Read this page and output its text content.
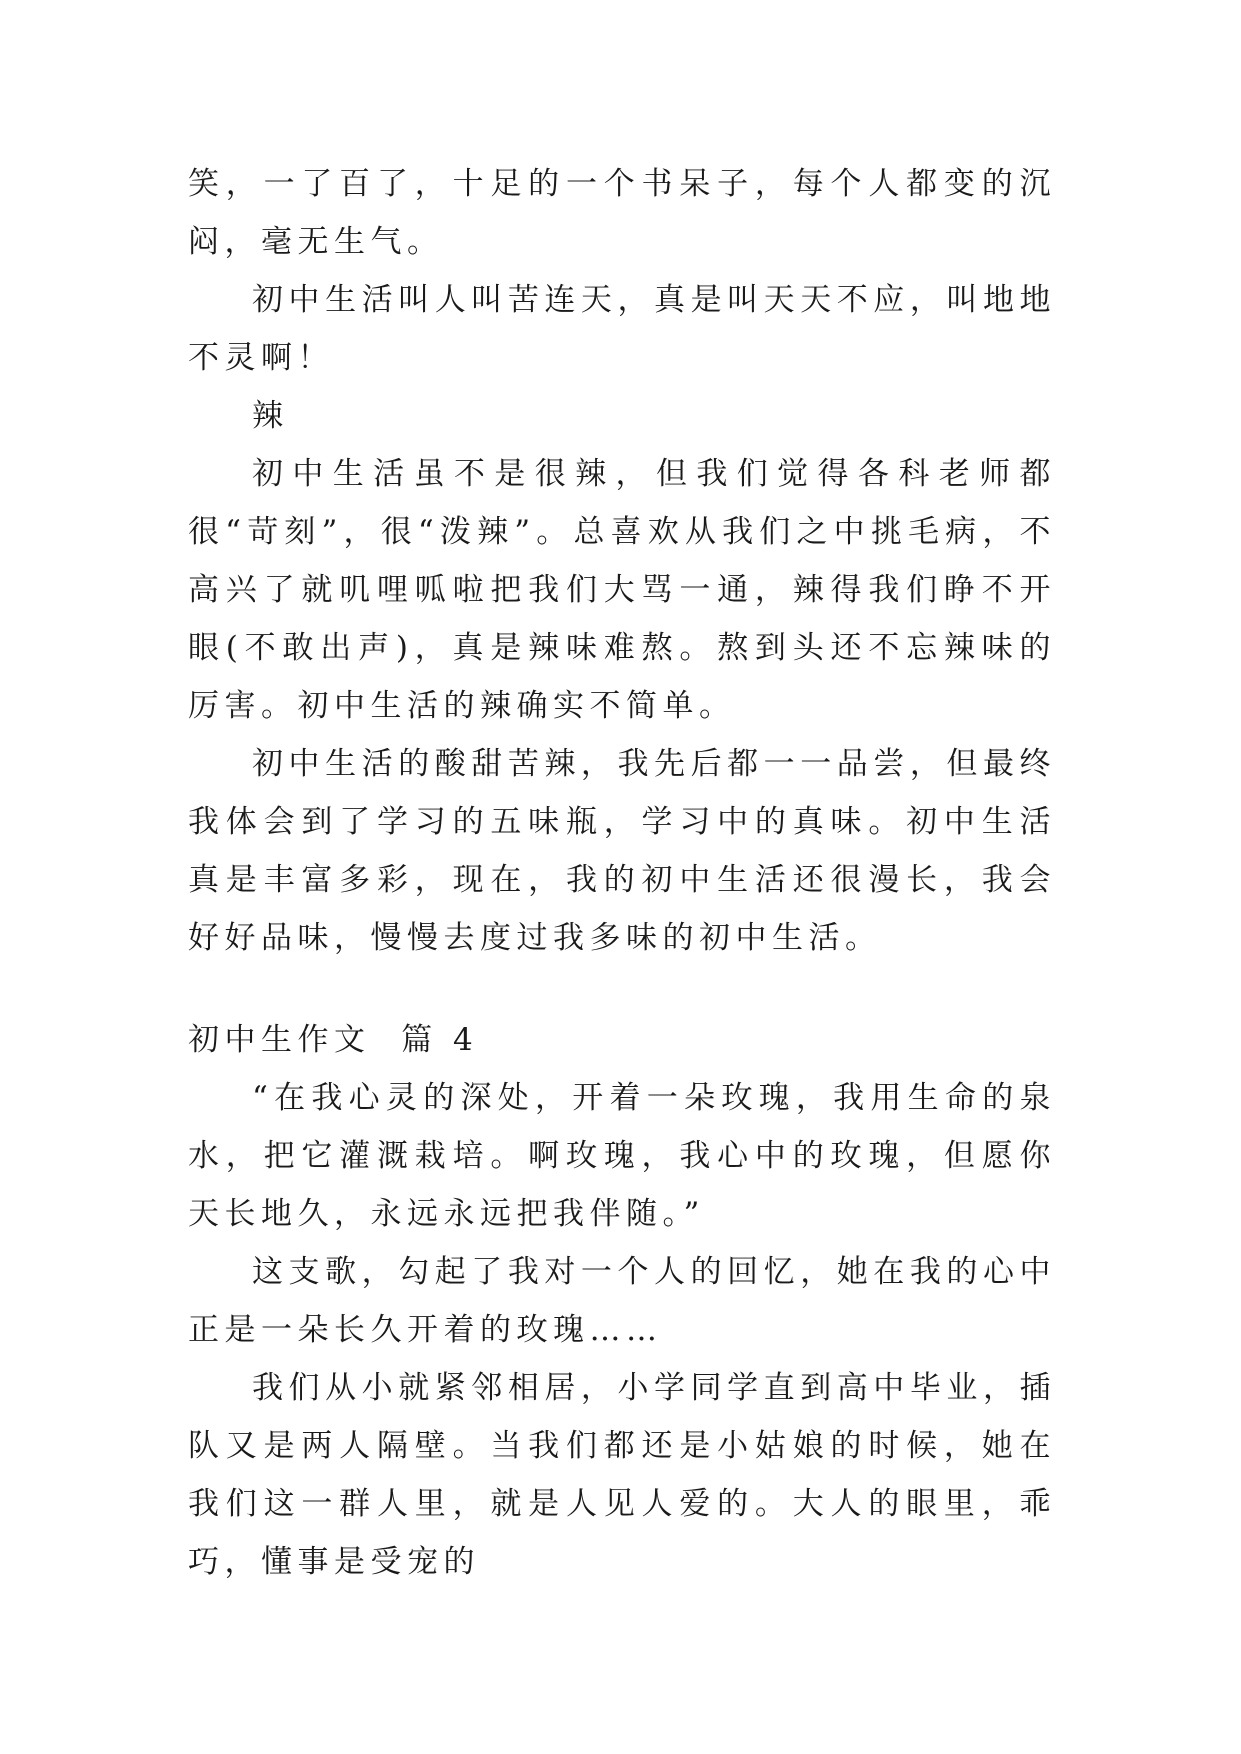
笑，一了百了，十足的一个书呆子，每个人都变的沉闷，毫无生气。

初中生活叫人叫苦连天，真是叫天天不应，叫地地不灵啊！

辣

初中生活虽不是很辣，但我们觉得各科老师都很“苛刻”，很“泼辣”。总喜欢从我们之中挑毛病，不高兴了就叽哩呱啦把我们大骂一通，辣得我们睁不开眼(不敢出声)，真是辣味难熬。熬到头还不忘辣味的厉害。初中生活的辣确实不简单。

初中生活的酸甜苦辣，我先后都一一品尝，但最终我体会到了学习的五味瓶，学习中的真味。初中生活真是丰富多彩，现在，我的初中生活还很漫长，我会好好品味，慢慢去度过我多味的初中生活。

初中生作文  篇 4

“在我心灵的深处，开着一朵玫瑰，我用生命的泉水，把它灌溉栽培。啊玫瑰，我心中的玫瑰，但愿你天长地久，永远永远把我伴随。”

这支歌，勾起了我对一个人的回忆，她在我的心中正是一朵长久开着的玫瑰……

我们从小就紧邻相居，小学同学直到高中毕业，插队又是两人隔壁。当我们都还是小姑娘的时候，她在我们这一群人里，就是人见人爱的。大人的眼里，乖巧，懂事是受宠的
